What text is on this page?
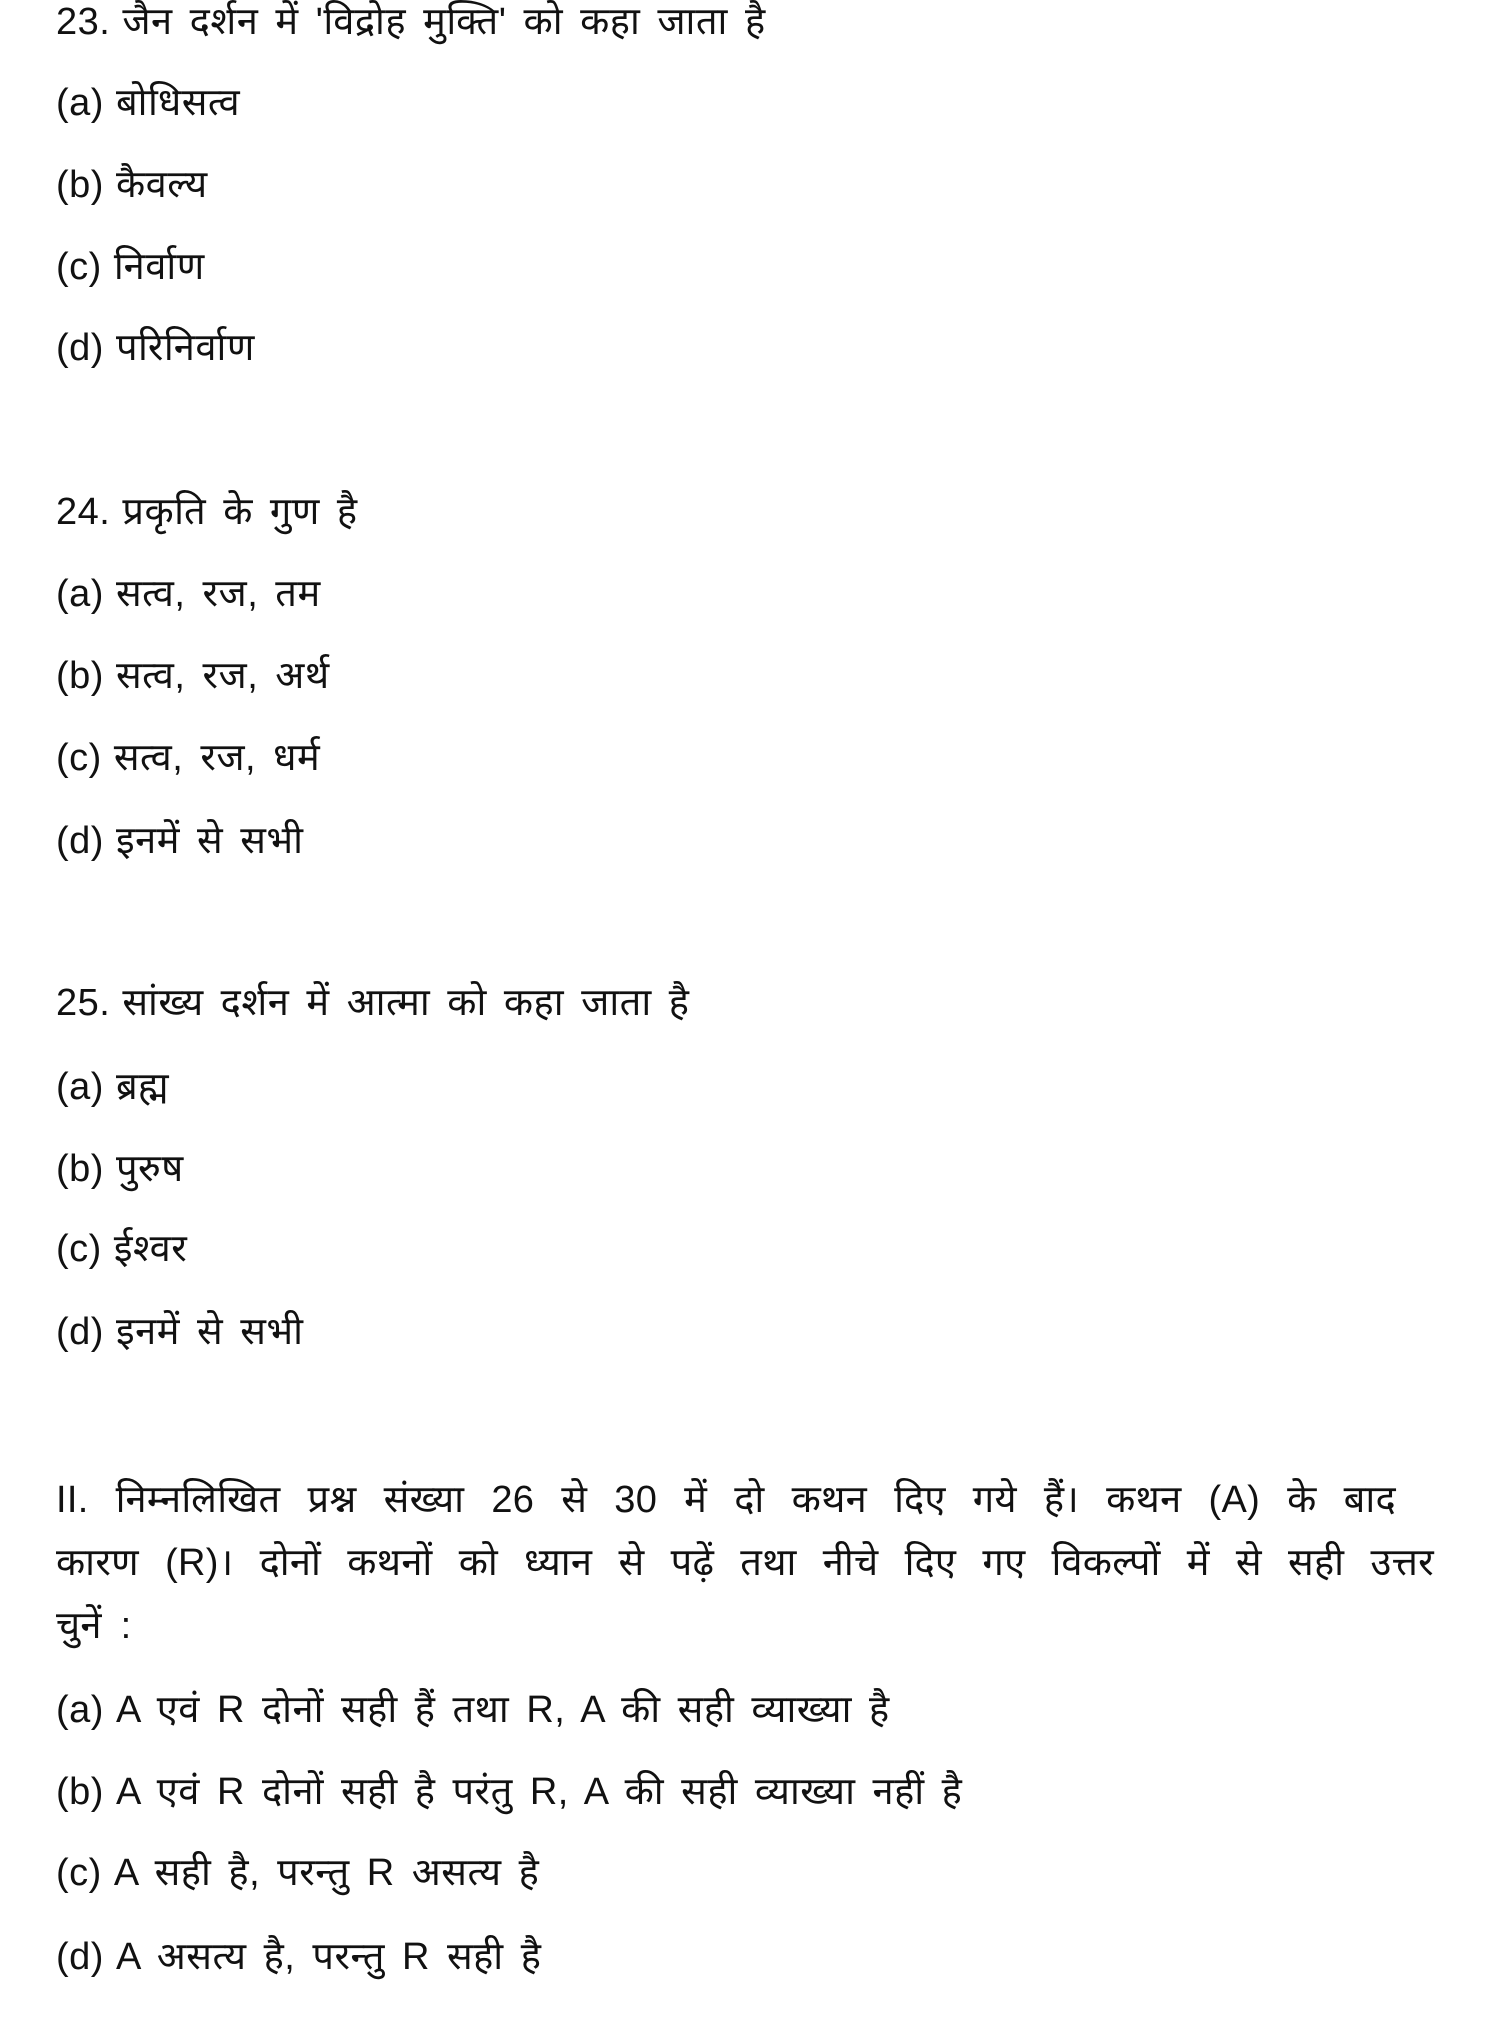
23. जैन दर्शन में 'विद्रोह मुक्ति' को कहा जाता है
(a) बोधिसत्व
(b) कैवल्य
(c) निर्वाण
(d) परिनिर्वाण
24. प्रकृति के गुण है
(a) सत्व, रज, तम
(b) सत्व, रज, अर्थ
(c) सत्व, रज, धर्म
(d) इनमें से सभी
25. सांख्य दर्शन में आत्मा को कहा जाता है
(a) ब्रह्म
(b) पुरुष
(c) ईश्वर
(d) इनमें से सभी
II. निम्नलिखित प्रश्न संख्या 26 से 30 में दो कथन दिए गये हैं। कथन (A) के बाद
कारण (R)। दोनों कथनों को ध्यान से पढ़ें तथा नीचे दिए गए विकल्पों में से सही उत्तर
चुनें :
(a) A एवं R दोनों सही हैं तथा R, A की सही व्याख्या है
(b) A एवं R दोनों सही है परंतु R, A की सही व्याख्या नहीं है
(c) A सही है, परन्तु R असत्य है
(d) A असत्य है, परन्तु R सही है
